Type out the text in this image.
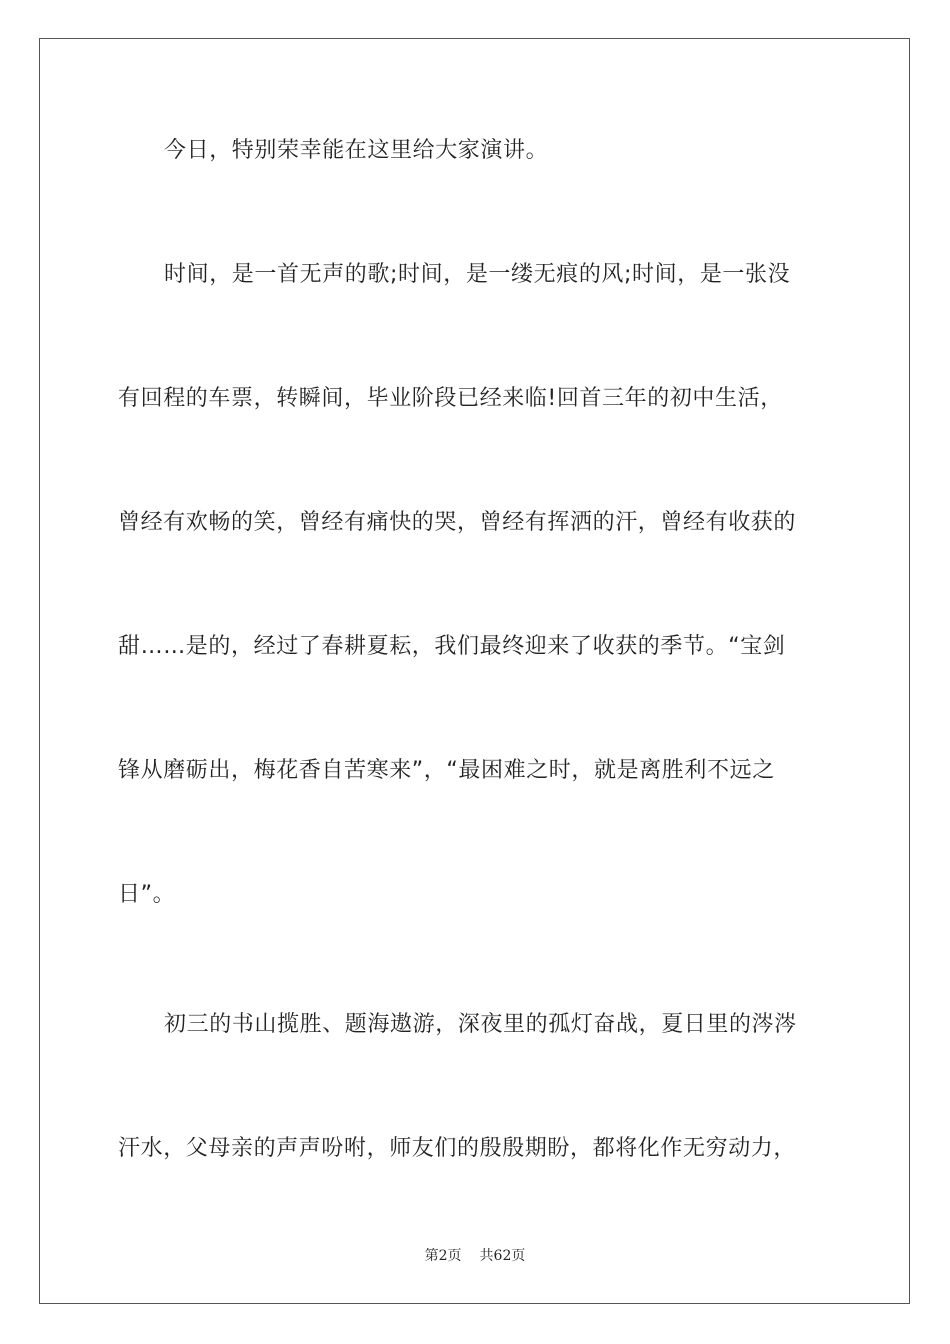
今日，特别荣幸能在这里给大家演讲。
时间，是一首无声的歌;时间，是一缕无痕的风;时间，是一张没
有回程的车票，转瞬间，毕业阶段已经来临!回首三年的初中生活，
曾经有欢畅的笑，曾经有痛快的哭，曾经有挥洒的汗，曾经有收获的
甜……是的，经过了春耕夏耘，我们最终迎来了收获的季节。“宝剑
锋从磨砺出，梅花香自苦寒来”，“最困难之时，就是离胜利不远之
日”。
初三的书山揽胜、题海遨游，深夜里的孤灯奋战，夏日里的涔涔
汗水，父母亲的声声吩咐，师友们的殷殷期盼，都将化作无穷动力，
第2页 共62页
